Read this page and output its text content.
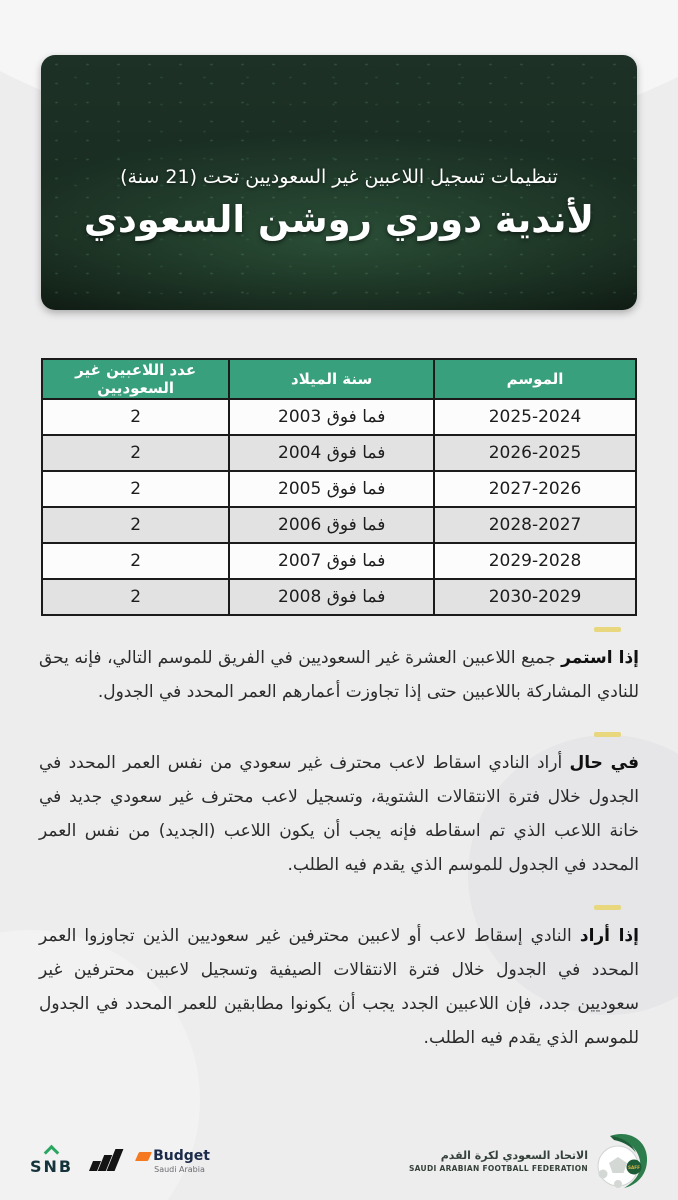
تنظيمات تسجيل اللاعبين غير السعوديين تحت (21 سنة)
لأندية دوري روشن السعودي
الموسم	سنة الميلاد	عدد اللاعبين غير السعوديين
2025-2024	2003 فما فوق	2
2026-2025	2004 فما فوق	2
2027-2026	2005 فما فوق	2
2028-2027	2006 فما فوق	2
2029-2028	2007 فما فوق	2
2030-2029	2008 فما فوق	2

إذا استمر جميع اللاعبين العشرة غير السعوديين في الفريق للموسم التالي، فإنه يحق للنادي المشاركة باللاعبين حتى إذا تجاوزت أعمارهم العمر المحدد في الجدول.

في حال أراد النادي اسقاط لاعب محترف غير سعودي من نفس العمر المحدد في الجدول خلال فترة الانتقالات الشتوية، وتسجيل لاعب محترف غير سعودي جديد في خانة اللاعب الذي تم اسقاطه فإنه يجب أن يكون اللاعب (الجديد) من نفس العمر المحدد في الجدول للموسم الذي يقدم فيه الطلب.

إذا أراد النادي إسقاط لاعب أو لاعبين محترفين غير سعوديين الذين تجاوزوا العمر المحدد في الجدول خلال فترة الانتقالات الصيفية وتسجيل لاعبين محترفين غير سعوديين جدد، فإن اللاعبين الجدد يجب أن يكونوا مطابقين للعمر المحدد في الجدول للموسم الذي يقدم فيه الطلب.

SNB
Budget
Saudi Arabia
الاتحاد السعودي لكرة القدم
SAUDI ARABIAN FOOTBALL FEDERATION	SAFF
